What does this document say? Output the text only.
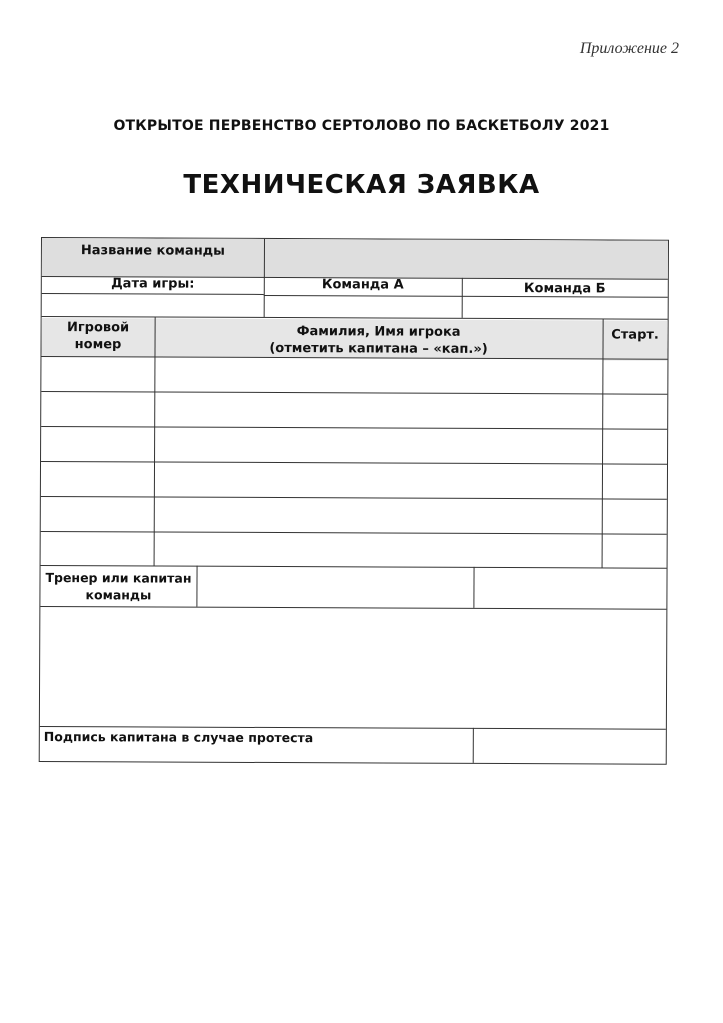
Приложение 2
ОТКРЫТОЕ ПЕРВЕНСТВО СЕРТОЛОВО ПО БАСКЕТБОЛУ 2021
ТЕХНИЧЕСКАЯ ЗАЯВКА
Название команды
Дата игры:	Команда А	Команда Б
Игровой
номер
Фамилия, Имя игрока
(отметить капитана – «кап.»)
Старт.
Тренер или капитан
команды
Подпись капитана в случае протеста
